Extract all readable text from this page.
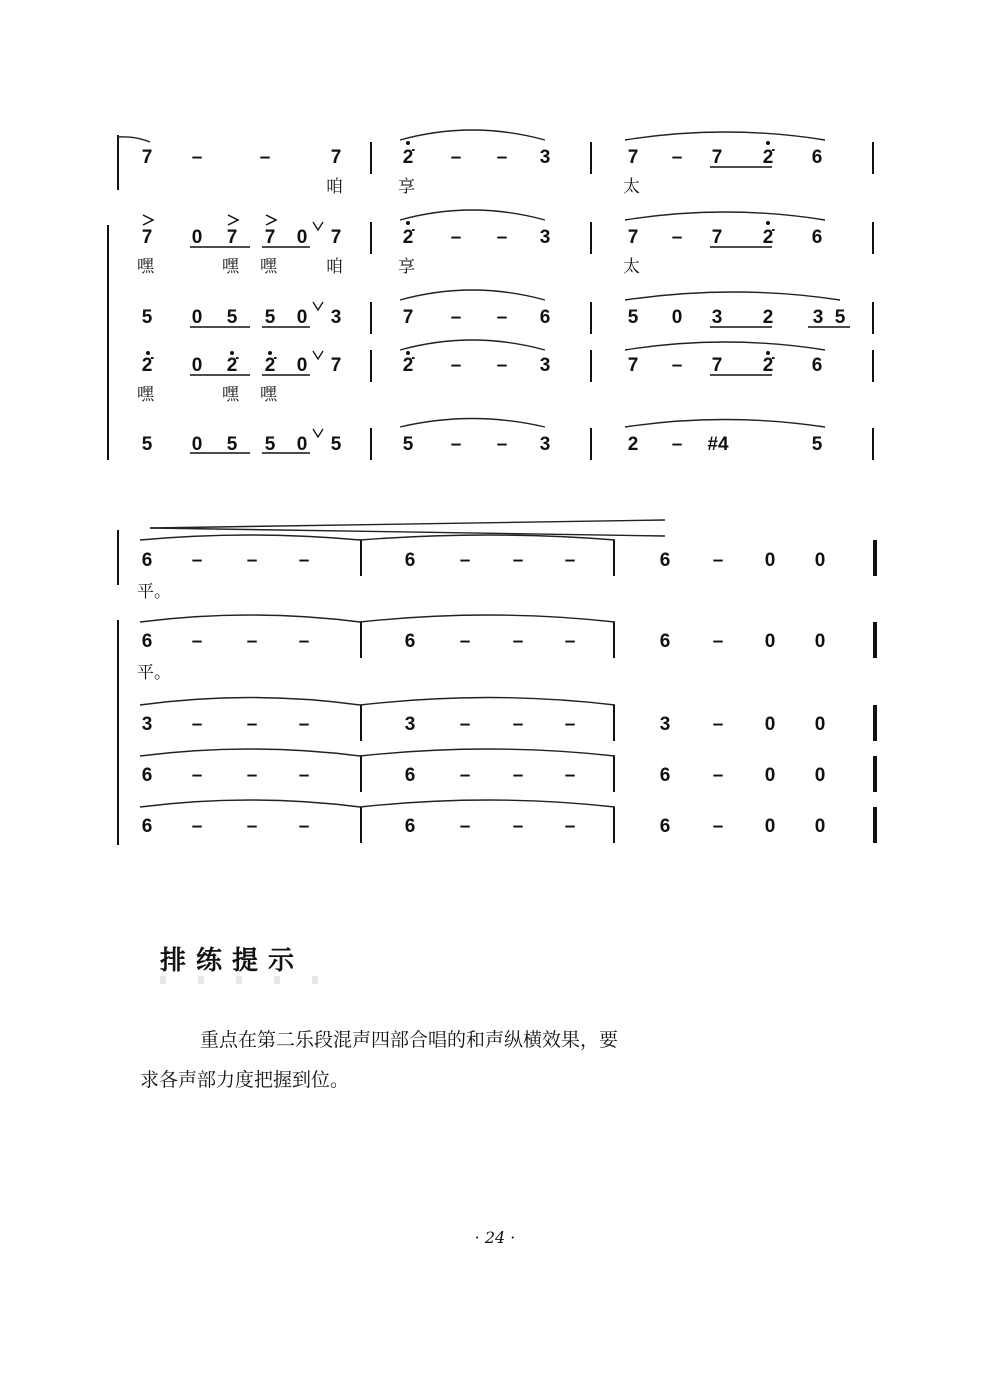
7 –	–	7	2̇ – – 3	7 – 7 2̇ 6
咱	享	太
7 0 7 7 0 7	2̇ – – 3	7 – 7 2̇ 6
嘿	嘿 嘿	咱	享	太
5 0 5 5 0 3	7 – – 6	5 0 3 2 3 5
2̇ 0 2̇ 2̇ 0 7	2̇ – – 3	7 – 7 2̇ 6
嘿	嘿 嘿
5 0 5 5 0 5	5 – – 3	2 – #4	5
6 – – –	6 – – –	6 – 0 0
平。
6 – – –	6 – – –	6 – 0 0
平。
3 – – –	3 – – –	3 – 0 0
6 – – –	6 – – –	6 – 0 0
6 – – –	6 – – –	6 – 0 0
排练提示
重点在第二乐段混声四部合唱的和声纵横效果，要
求各声部力度把握到位。
· 24 ·
